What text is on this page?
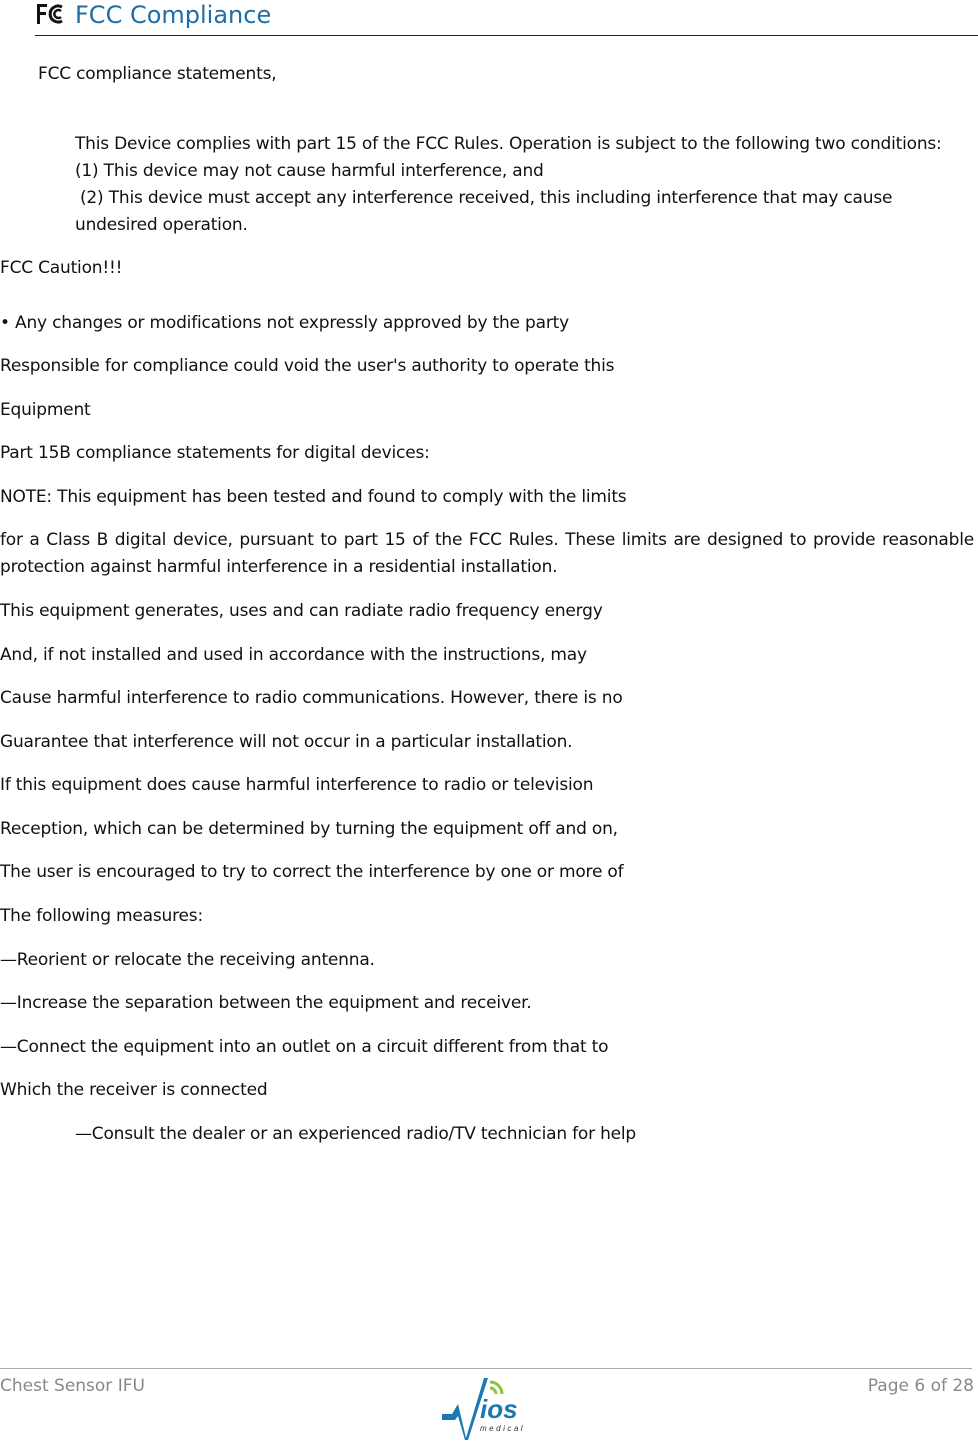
FCC Compliance
FCC compliance statements,
This Device complies with part 15 of the FCC Rules. Operation is subject to the following two conditions:
(1) This device may not cause harmful interference, and
(2) This device must accept any interference received, this including interference that may cause undesired operation.
FCC Caution!!!
• Any changes or modifications not expressly approved by the party
Responsible for compliance could void the user's authority to operate this
Equipment
Part 15B compliance statements for digital devices:
NOTE: This equipment has been tested and found to comply with the limits
for a Class B digital device, pursuant to part 15 of the FCC Rules. These limits are designed to provide reasonable protection against harmful interference in a residential installation.
This equipment generates, uses and can radiate radio frequency energy
And, if not installed and used in accordance with the instructions, may
Cause harmful interference to radio communications. However, there is no
Guarantee that interference will not occur in a particular installation.
If this equipment does cause harmful interference to radio or television
Reception, which can be determined by turning the equipment off and on,
The user is encouraged to try to correct the interference by one or more of
The following measures:
—Reorient or relocate the receiving antenna.
—Increase the separation between the equipment and receiver.
—Connect the equipment into an outlet on a circuit different from that to
Which the receiver is connected
—Consult the dealer or an experienced radio/TV technician for help
Chest Sensor IFU	Page 6 of 28
ios
medical
